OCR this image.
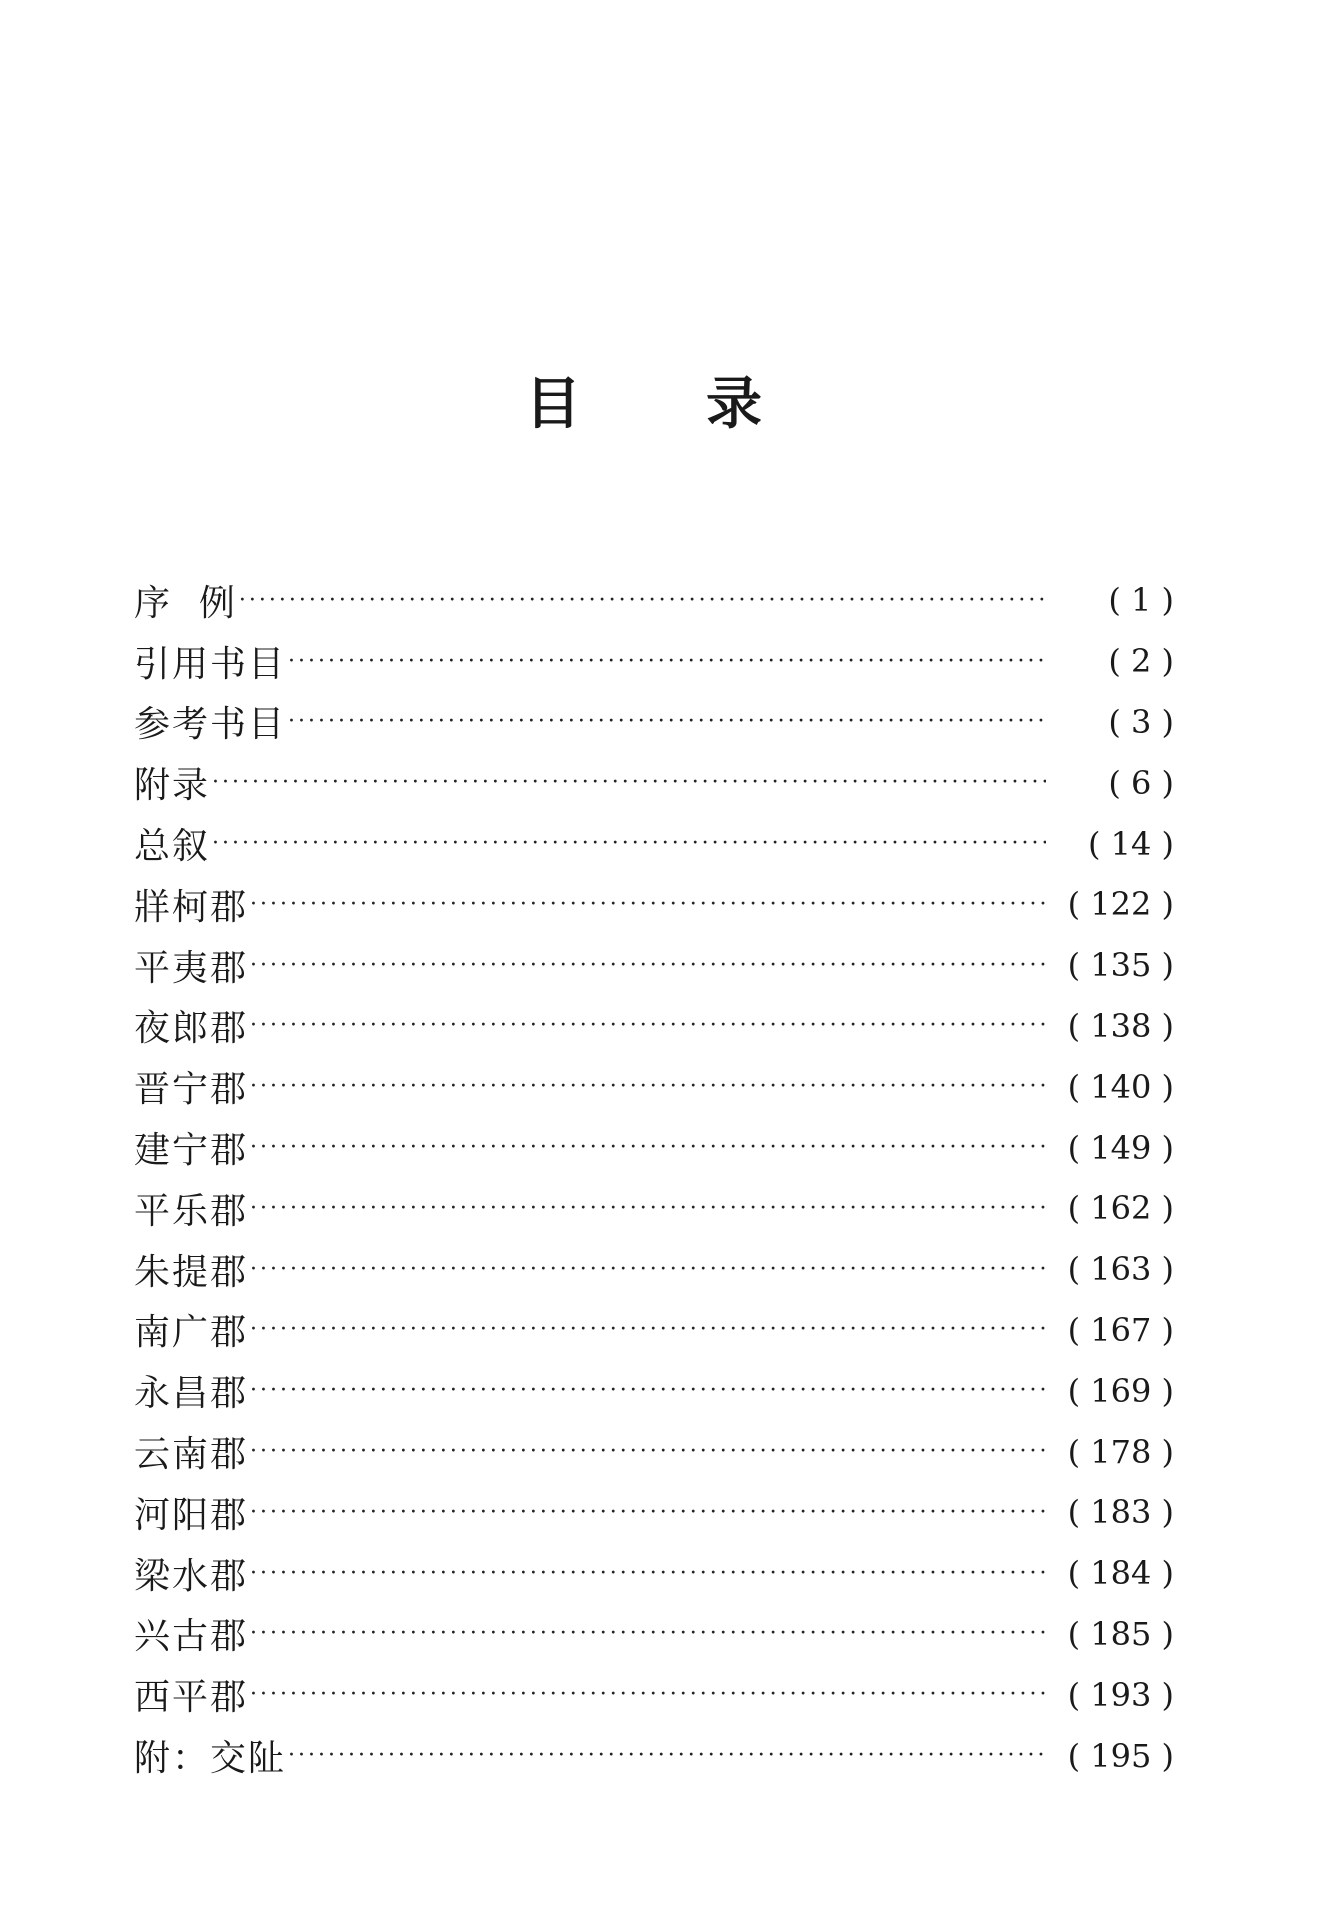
目 录
序  例 ·····	( 1 )
引用书目 ·····	( 2 )
参考书目 ·····	( 3 )
附录 ·····	( 6 )
总叙 ·····	( 14 )
牂柯郡 ·····	( 122 )
平夷郡 ·····	( 135 )
夜郎郡 ·····	( 138 )
晋宁郡 ·····	( 140 )
建宁郡 ·····	( 149 )
平乐郡 ·····	( 162 )
朱提郡 ·····	( 163 )
南广郡 ·····	( 167 )
永昌郡 ·····	( 169 )
云南郡 ·····	( 178 )
河阳郡 ·····	( 183 )
梁水郡 ·····	( 184 )
兴古郡 ·····	( 185 )
西平郡 ·····	( 193 )
附：交阯 ·····	( 195 )
